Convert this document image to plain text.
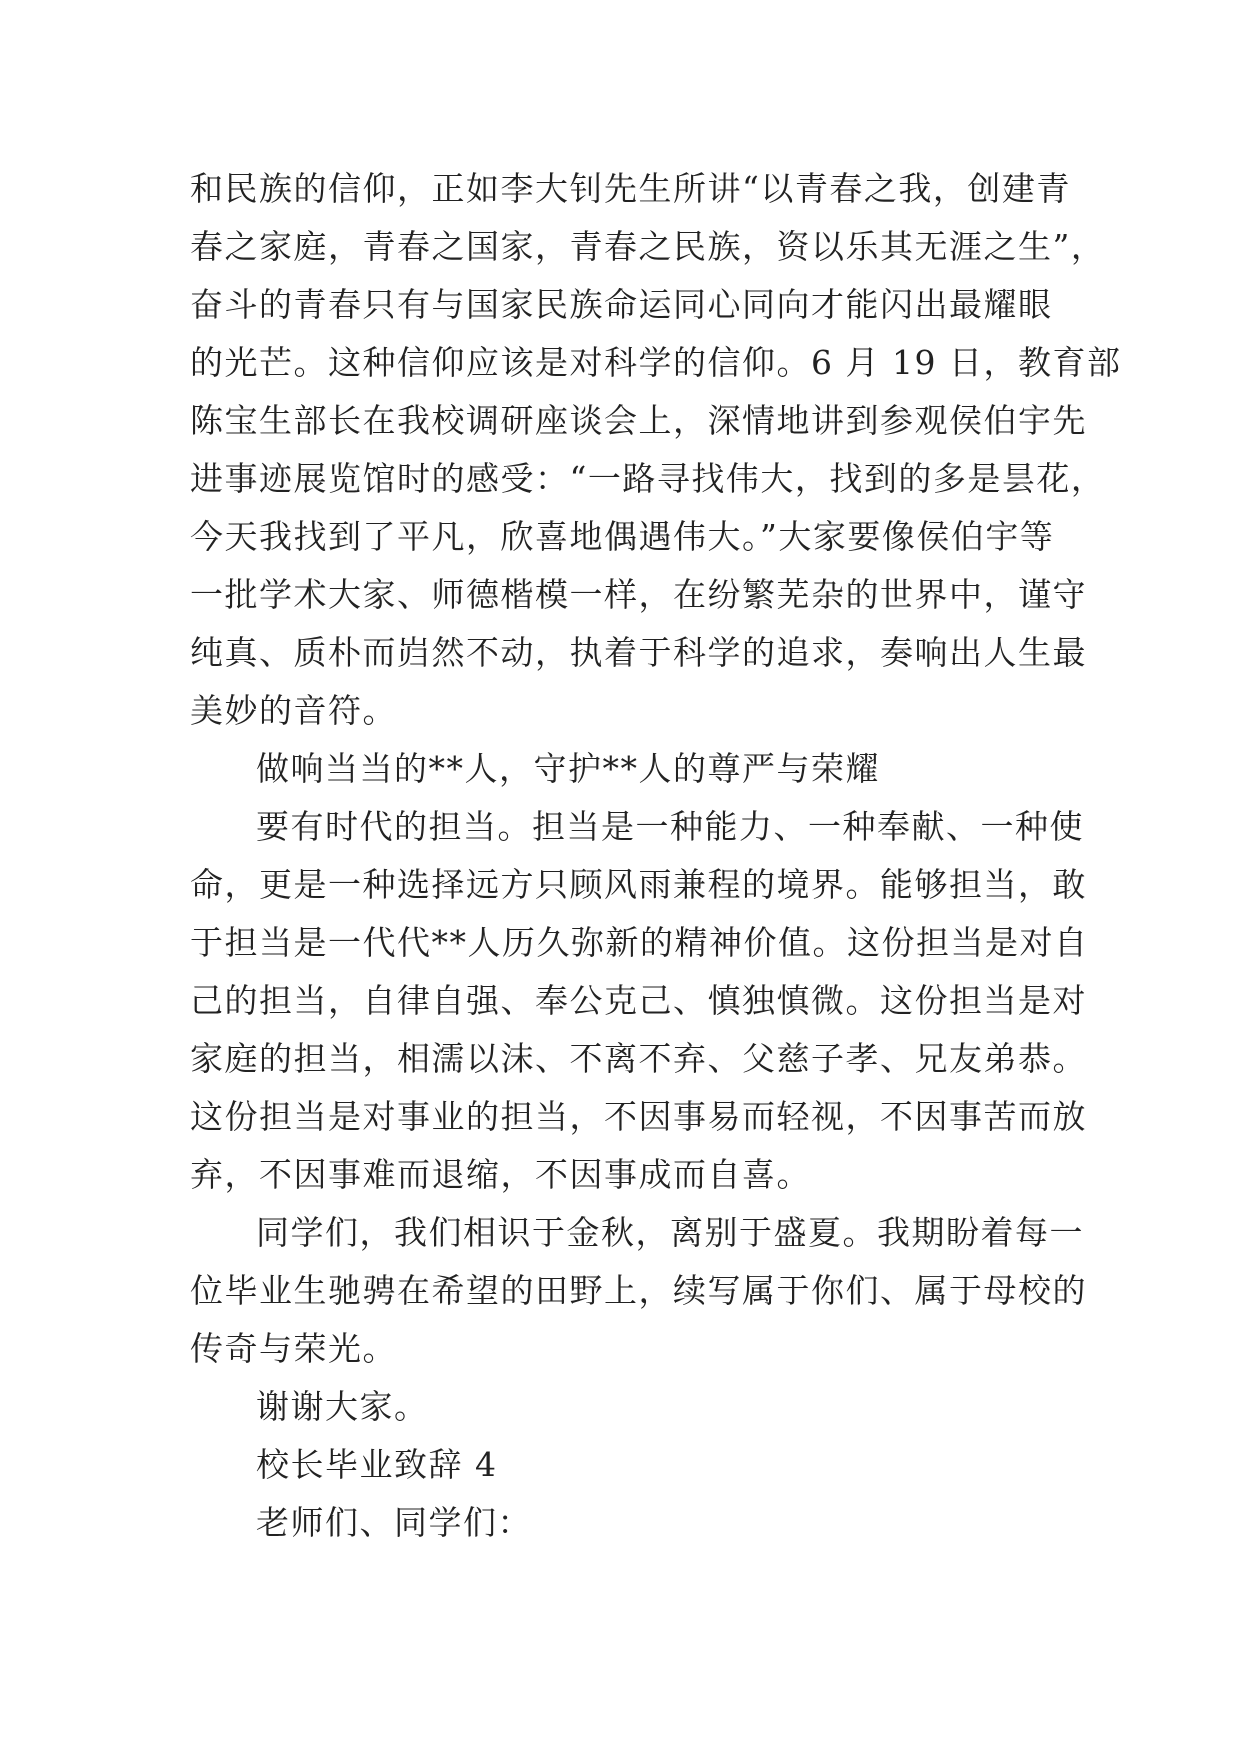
和民族的信仰，正如李大钊先生所讲“以青春之我，创建青
春之家庭，青春之国家，青春之民族，资以乐其无涯之生”，
奋斗的青春只有与国家民族命运同心同向才能闪出最耀眼
的光芒。这种信仰应该是对科学的信仰。6 月 19 日，教育部
陈宝生部长在我校调研座谈会上，深情地讲到参观侯伯宇先
进事迹展览馆时的感受：“一路寻找伟大，找到的多是昙花，
今天我找到了平凡，欣喜地偶遇伟大。”大家要像侯伯宇等
一批学术大家、师德楷模一样，在纷繁芜杂的世界中，谨守
纯真、质朴而岿然不动，执着于科学的追求，奏响出人生最
美妙的音符。
做响当当的**人，守护**人的尊严与荣耀
要有时代的担当。担当是一种能力、一种奉献、一种使
命，更是一种选择远方只顾风雨兼程的境界。能够担当，敢
于担当是一代代**人历久弥新的精神价值。这份担当是对自
己的担当，自律自强、奉公克己、慎独慎微。这份担当是对
家庭的担当，相濡以沫、不离不弃、父慈子孝、兄友弟恭。
这份担当是对事业的担当，不因事易而轻视，不因事苦而放
弃，不因事难而退缩，不因事成而自喜。
同学们，我们相识于金秋，离别于盛夏。我期盼着每一
位毕业生驰骋在希望的田野上，续写属于你们、属于母校的
传奇与荣光。
谢谢大家。
校长毕业致辞 4
老师们、同学们：
